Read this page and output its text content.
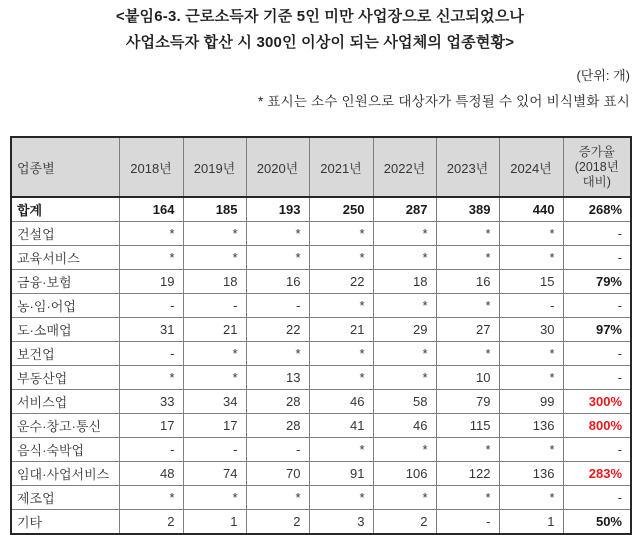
<붙임6-3. 근로소득자 기준 5인 미만 사업장으로 신고되었으나
사업소득자 합산 시 300인 이상이 되는 사업체의 업종현황>
(단위: 개)
* 표시는 소수 인원으로 대상자가 특정될 수 있어 비식별화 표시
업종별	2018년	2019년	2020년	2021년	2022년	2023년	2024년	증가율
(2018년
대비)

합계	164	185	193	250	287	389	440	268%
건설업	*	*	*	*	*	*	*	-
교육서비스	*	*	*	*	*	*	*	-
금융·보험	19	18	16	22	18	16	15	79%
농·임·어업	-	-	-	*	*	*	-	-
도·소매업	31	21	22	21	29	27	30	97%
보건업	-	*	*	*	*	*	*	-
부동산업	*	*	13	*	*	10	*	-
서비스업	33	34	28	46	58	79	99	300%
운수·창고·통신	17	17	28	41	46	115	136	800%
음식·숙박업	-	-	-	*	*	*	*	-
임대·사업서비스	48	74	70	91	106	122	136	283%
제조업	*	*	*	*	*	*	*	-
기타	2	1	2	3	2	-	1	50%
